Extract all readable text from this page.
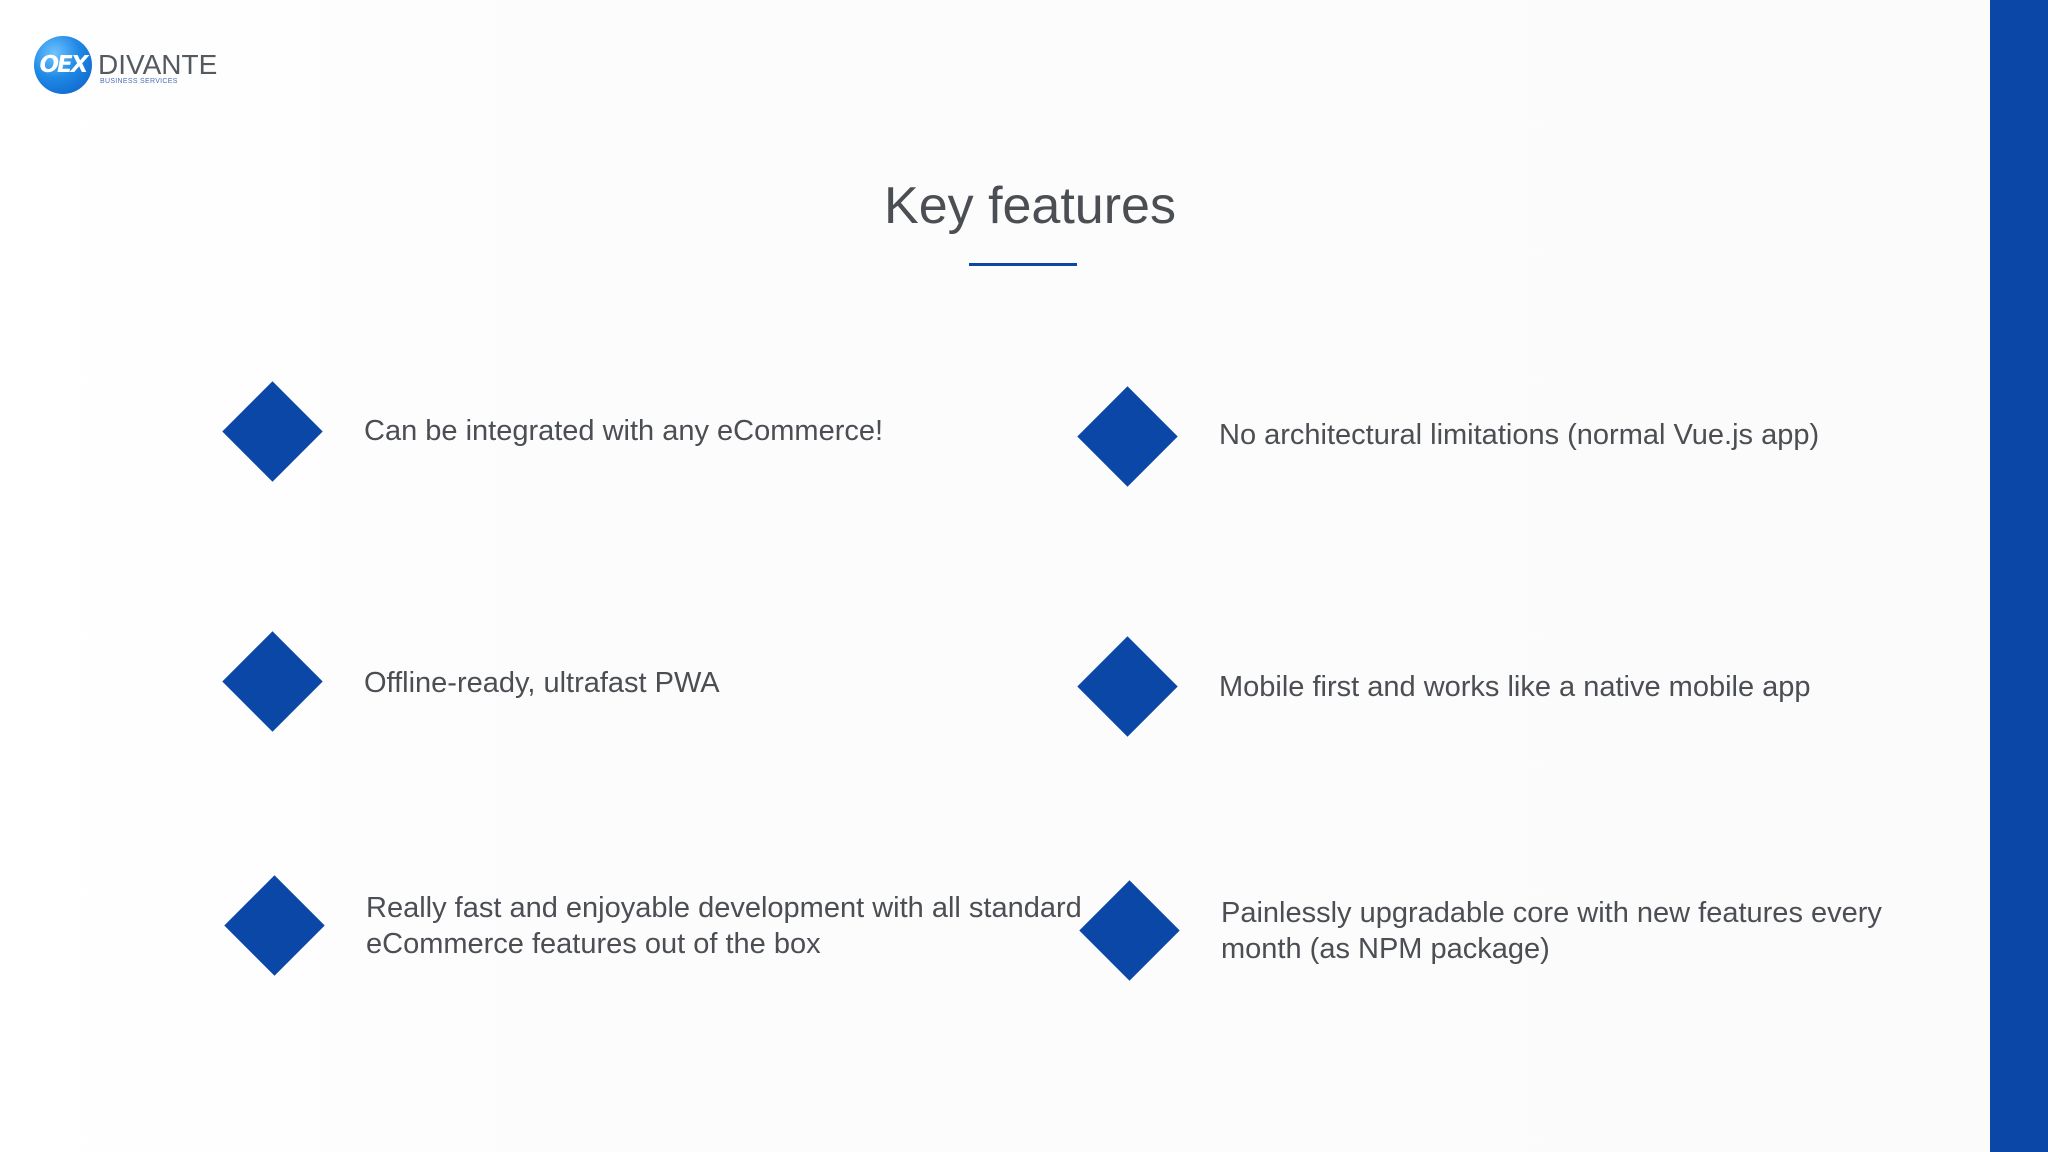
OEX DIVANTE
BUSINESS SERVICES
Key features
Can be integrated with any eCommerce!	No architectural limitations (normal Vue.js app)
Offline-ready, ultrafast PWA	Mobile first and works like a native mobile app
Really fast and enjoyable development with all standard eCommerce features out of the box
Painlessly upgradable core with new features every month (as NPM package)
